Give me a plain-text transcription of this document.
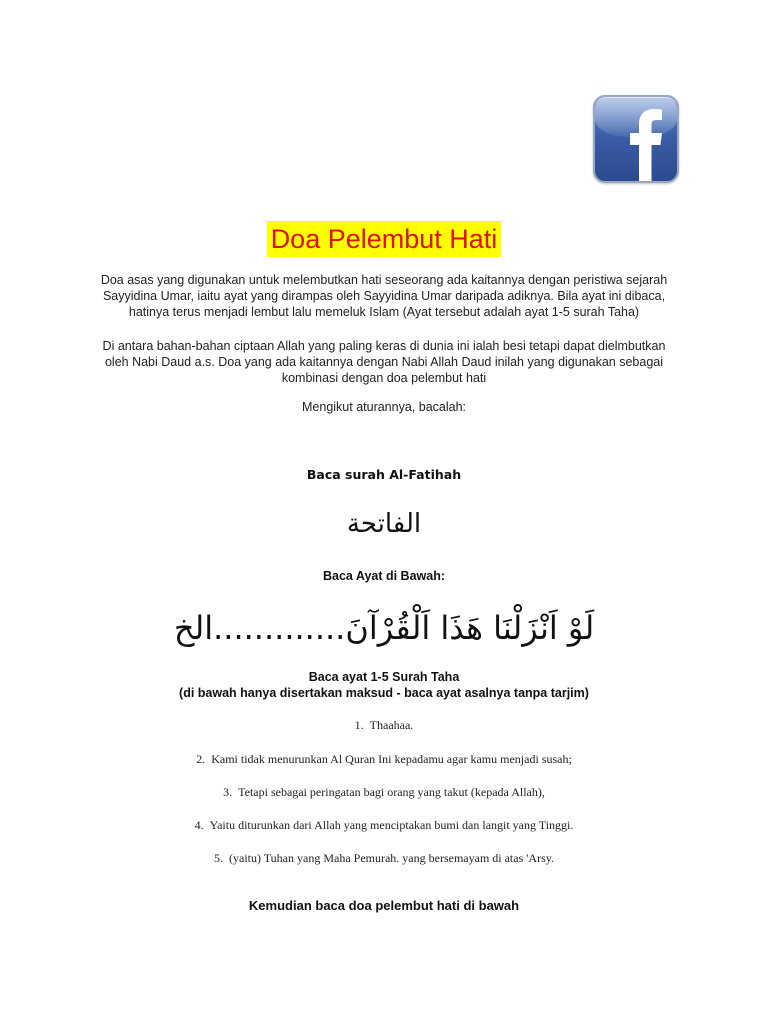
Doa Pelembut Hati
Doa asas yang digunakan untuk melembutkan hati seseorang ada kaitannya dengan peristiwa sejarah
Sayyidina Umar, iaitu ayat yang dirampas oleh Sayyidina Umar daripada adiknya. Bila ayat ini dibaca,
hatinya terus menjadi lembut lalu memeluk Islam (Ayat tersebut adalah ayat 1-5 surah Taha)
Di antara bahan-bahan ciptaan Allah yang paling keras di dunia ini ialah besi tetapi dapat dielmbutkan
oleh Nabi Daud a.s. Doa yang ada kaitannya dengan Nabi Allah Daud inilah yang digunakan sebagai
kombinasi dengan doa pelembut hati
Mengikut aturannya, bacalah:
Baca surah Al-Fatihah
الفاتحة
Baca Ayat di Bawah:
لَوْ اَنْزَلْنَا هَذَا اَلْقُرْآنَ.............الخ
Baca ayat 1-5 Surah Taha
(di bawah hanya disertakan maksud - baca ayat asalnya tanpa tarjim)
1. Thaahaa.
2. Kami tidak menurunkan Al Quran Ini kepadamu agar kamu menjadi susah;
3. Tetapi sebagai peringatan bagi orang yang takut (kepada Allah),
4. Yaitu diturunkan dari Allah yang menciptakan bumi dan langit yang Tinggi.
5. (yaitu) Tuhan yang Maha Pemurah. yang bersemayam di atas 'Arsy.
Kemudian baca doa pelembut hati di bawah
